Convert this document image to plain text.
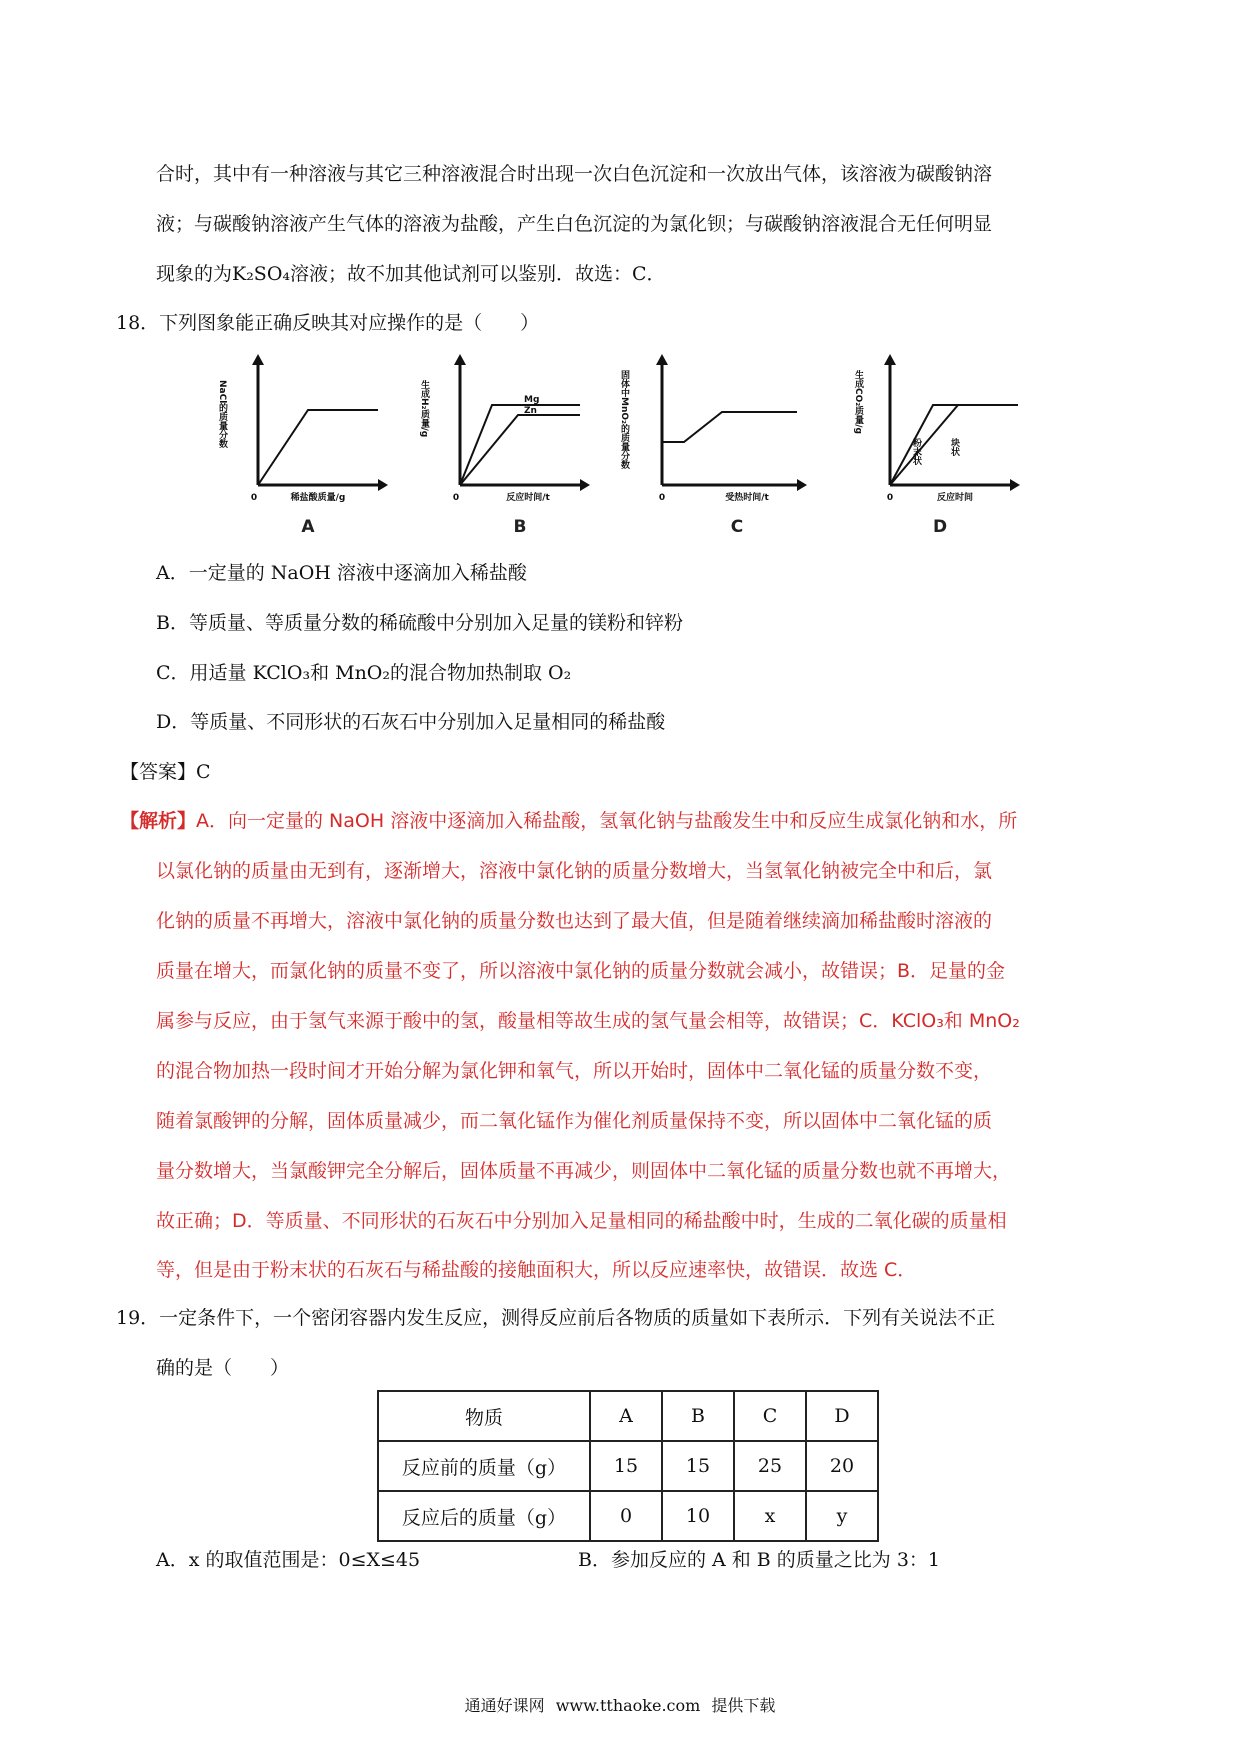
合时，其中有一种溶液与其它三种溶液混合时出现一次白色沉淀和一次放出气体，该溶液为碳酸钠溶
液；与碳酸钠溶液产生气体的溶液为盐酸，产生白色沉淀的为氯化钡；与碳酸钠溶液混合无任何明显
现象的为K₂SO₄溶液；故不加其他试剂可以鉴别．故选：C．
18．下列图象能正确反映其对应操作的是（　　）
0	稀盐酸质量/g
NaCl的质量分数
A
Mg
Zn
0	反应时间/t
生成H₂质量/g
B
0	受热时间/t
固体中MnO₂的质量分数
C
粉末状	块状
0	反应时间
生成CO₂质量/g
D
A．一定量的 NaOH 溶液中逐滴加入稀盐酸
B．等质量、等质量分数的稀硫酸中分别加入足量的镁粉和锌粉
C．用适量 KClO₃和 MnO₂的混合物加热制取 O₂
D．等质量、不同形状的石灰石中分别加入足量相同的稀盐酸
【答案】C
【解析】A．向一定量的 NaOH 溶液中逐滴加入稀盐酸，氢氧化钠与盐酸发生中和反应生成氯化钠和水，所
以氯化钠的质量由无到有，逐渐增大，溶液中氯化钠的质量分数增大，当氢氧化钠被完全中和后，氯
化钠的质量不再增大，溶液中氯化钠的质量分数也达到了最大值，但是随着继续滴加稀盐酸时溶液的
质量在增大，而氯化钠的质量不变了，所以溶液中氯化钠的质量分数就会减小，故错误；B．足量的金
属参与反应，由于氢气来源于酸中的氢，酸量相等故生成的氢气量会相等，故错误；C．KClO₃和 MnO₂
的混合物加热一段时间才开始分解为氯化钾和氧气，所以开始时，固体中二氧化锰的质量分数不变，
随着氯酸钾的分解，固体质量减少，而二氧化锰作为催化剂质量保持不变，所以固体中二氧化锰的质
量分数增大，当氯酸钾完全分解后，固体质量不再减少，则固体中二氧化锰的质量分数也就不再增大，
故正确；D．等质量、不同形状的石灰石中分别加入足量相同的稀盐酸中时，生成的二氧化碳的质量相
等，但是由于粉末状的石灰石与稀盐酸的接触面积大，所以反应速率快，故错误．故选 C．
19．一定条件下，一个密闭容器内发生反应，测得反应前后各物质的质量如下表所示．下列有关说法不正
确的是（　　）
物质	A	B	C	D
反应前的质量（g）	15	15	25	20
反应后的质量（g）	0	10	x	y
A．x 的取值范围是：0≤X≤45	B．参加反应的 A 和 B 的质量之比为 3：1
通通好课网 www.tthaoke.com 提供下载
